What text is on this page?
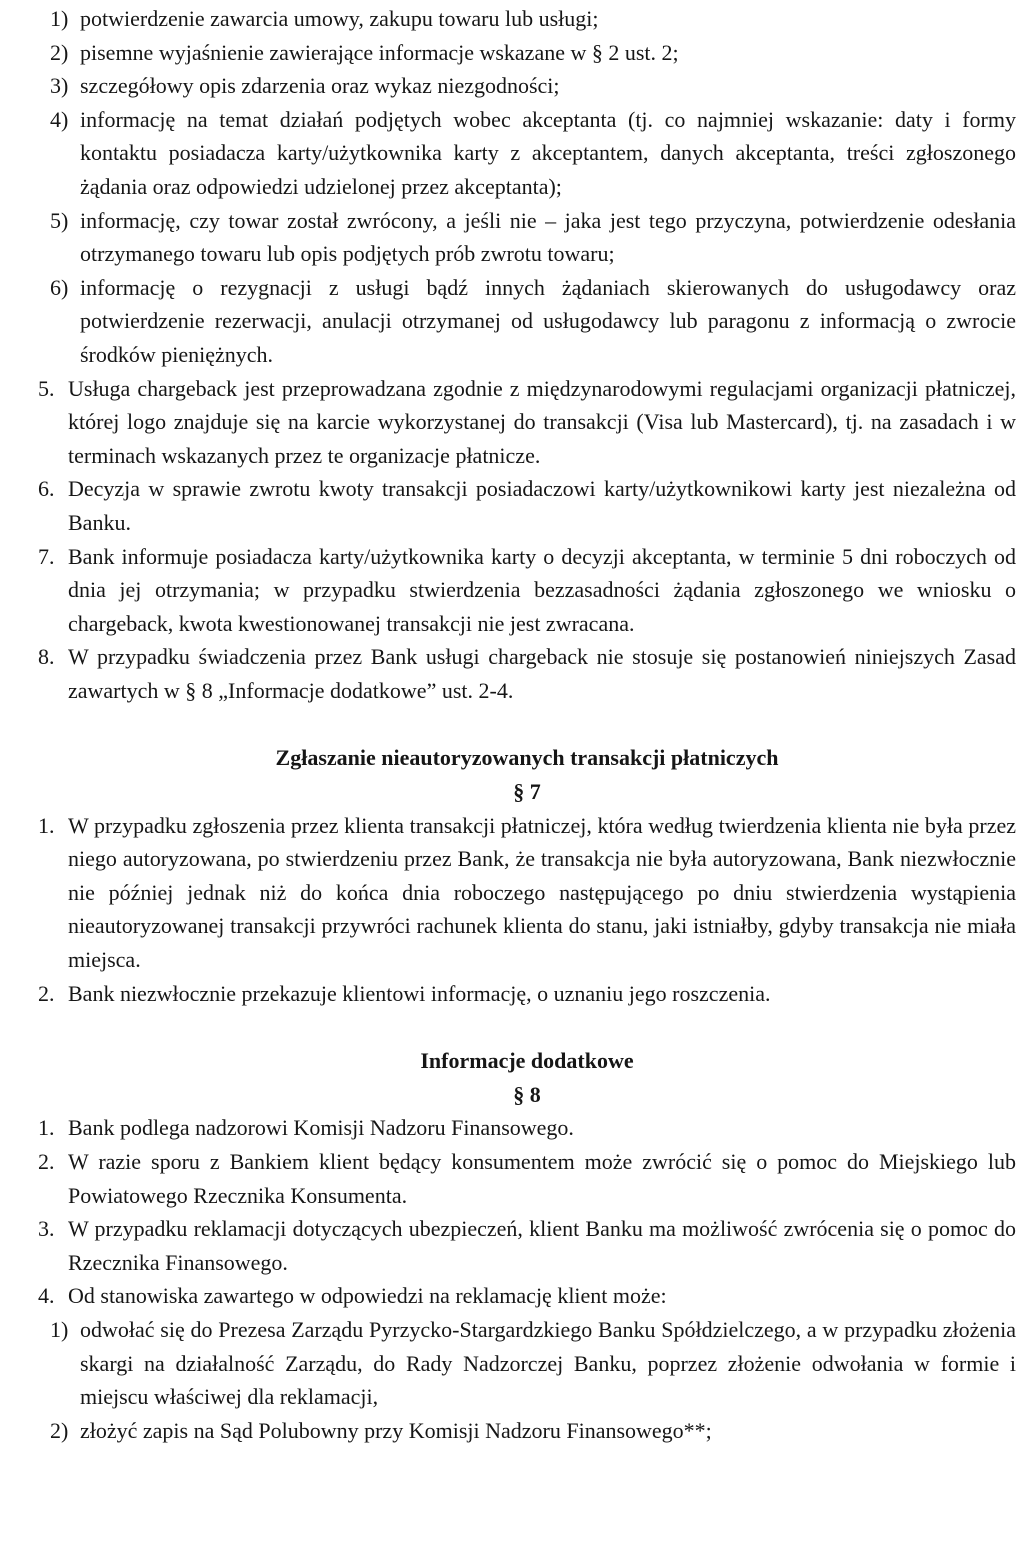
1) potwierdzenie zawarcia umowy, zakupu towaru lub usługi;
2) pisemne wyjaśnienie zawierające informacje wskazane w § 2 ust. 2;
3) szczegółowy opis zdarzenia oraz wykaz niezgodności;
4) informację na temat działań podjętych wobec akceptanta (tj. co najmniej wskazanie: daty i formy kontaktu posiadacza karty/użytkownika karty z akceptantem, danych akceptanta, treści zgłoszonego żądania oraz odpowiedzi udzielonej przez akceptanta);
5) informację, czy towar został zwrócony, a jeśli nie – jaka jest tego przyczyna, potwierdzenie odesłania otrzymanego towaru lub opis podjętych prób zwrotu towaru;
6) informację o rezygnacji z usługi bądź innych żądaniach skierowanych do usługodawcy oraz potwierdzenie rezerwacji, anulacji otrzymanej od usługodawcy lub paragonu z informacją o zwrocie środków pieniężnych.
5. Usługa chargeback jest przeprowadzana zgodnie z międzynarodowymi regulacjami organizacji płatniczej, której logo znajduje się na karcie wykorzystanej do transakcji (Visa lub Mastercard), tj. na zasadach i w terminach wskazanych przez te organizacje płatnicze.
6. Decyzja w sprawie zwrotu kwoty transakcji posiadaczowi karty/użytkownikowi karty jest niezależna od Banku.
7. Bank informuje posiadacza karty/użytkownika karty o decyzji akceptanta, w terminie 5 dni roboczych od dnia jej otrzymania; w przypadku stwierdzenia bezzasadności żądania zgłoszonego we wniosku o chargeback, kwota kwestionowanej transakcji nie jest zwracana.
8. W przypadku świadczenia przez Bank usługi chargeback nie stosuje się postanowień niniejszych Zasad zawartych w § 8 „Informacje dodatkowe” ust. 2-4.
Zgłaszanie nieautoryzowanych transakcji płatniczych
§ 7
1. W przypadku zgłoszenia przez klienta transakcji płatniczej, która według twierdzenia klienta nie była przez niego autoryzowana, po stwierdzeniu przez Bank, że transakcja nie była autoryzowana, Bank niezwłocznie nie później jednak niż do końca dnia roboczego następującego po dniu stwierdzenia wystąpienia nieautoryzowanej transakcji przywróci rachunek klienta do stanu, jaki istniałby, gdyby transakcja nie miała miejsca.
2. Bank niezwłocznie przekazuje klientowi informację, o uznaniu jego roszczenia.
Informacje dodatkowe
§ 8
1. Bank podlega nadzorowi Komisji Nadzoru Finansowego.
2. W razie sporu z Bankiem klient będący konsumentem może zwrócić się o pomoc do Miejskiego lub Powiatowego Rzecznika Konsumenta.
3. W przypadku reklamacji dotyczących ubezpieczeń, klient Banku ma możliwość zwrócenia się o pomoc do Rzecznika Finansowego.
4. Od stanowiska zawartego w odpowiedzi na reklamację klient może:
1) odwołać się do Prezesa Zarządu Pyrzycko-Stargardzkiego Banku Spółdzielczego, a w przypadku złożenia skargi na działalność Zarządu, do Rady Nadzorczej Banku, poprzez złożenie odwołania w formie i miejscu właściwej dla reklamacji,
2) złożyć zapis na Sąd Polubowny przy Komisji Nadzoru Finansowego**;
